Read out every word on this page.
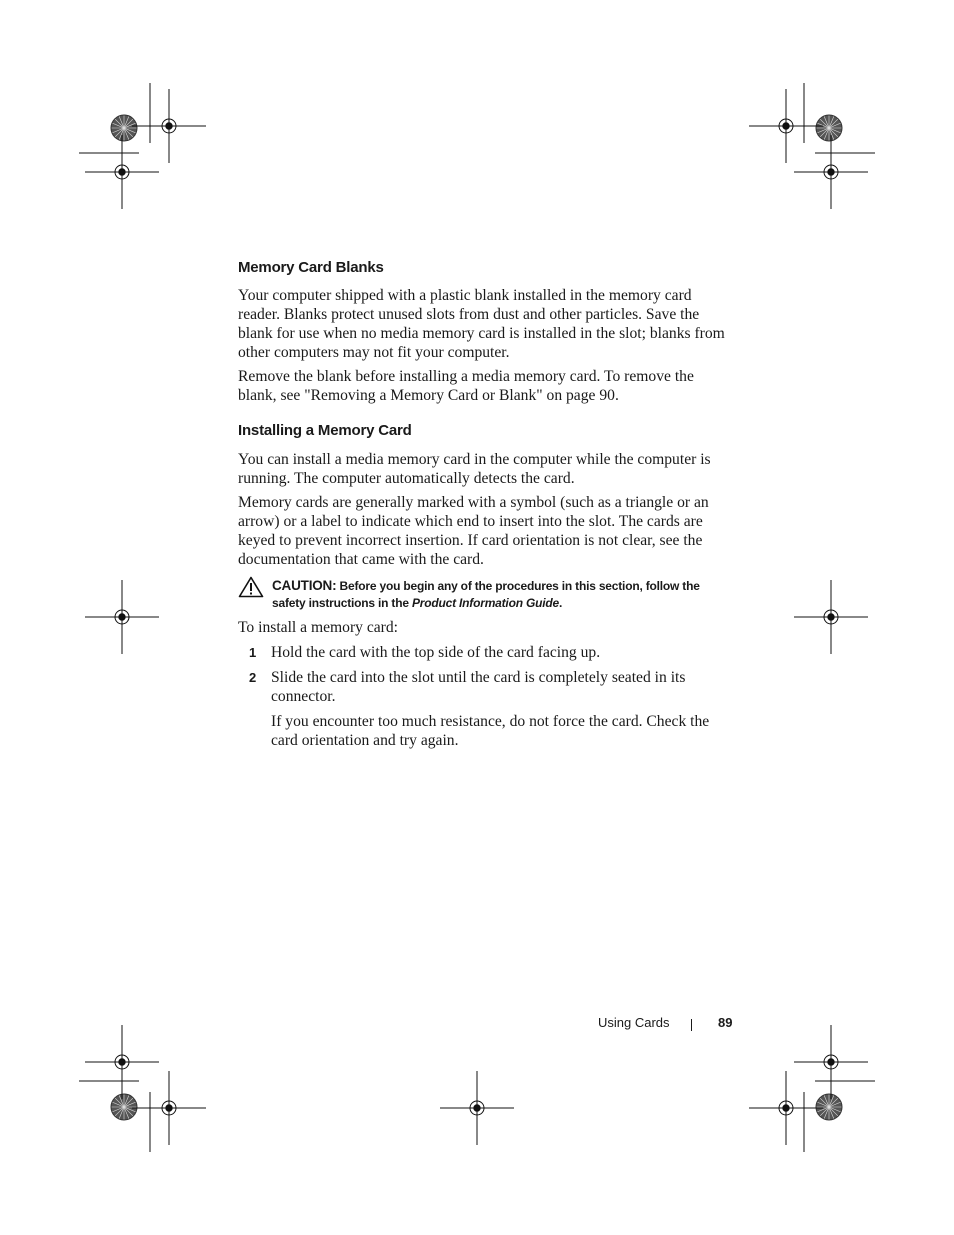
Memory Card Blanks

Your computer shipped with a plastic blank installed in the memory card reader. Blanks protect unused slots from dust and other particles. Save the blank for use when no media memory card is installed in the slot; blanks from other computers may not fit your computer.

Remove the blank before installing a media memory card. To remove the blank, see "Removing a Memory Card or Blank" on page 90.

Installing a Memory Card

You can install a media memory card in the computer while the computer is running. The computer automatically detects the card.

Memory cards are generally marked with a symbol (such as a triangle or an arrow) or a label to indicate which end to insert into the slot. The cards are keyed to prevent incorrect insertion. If card orientation is not clear, see the documentation that came with the card.

CAUTION: Before you begin any of the procedures in this section, follow the safety instructions in the Product Information Guide.

To install a memory card:

1 Hold the card with the top side of the card facing up.
2 Slide the card into the slot until the card is completely seated in its connector.

If you encounter too much resistance, do not force the card. Check the card orientation and try again.

Using Cards	89
